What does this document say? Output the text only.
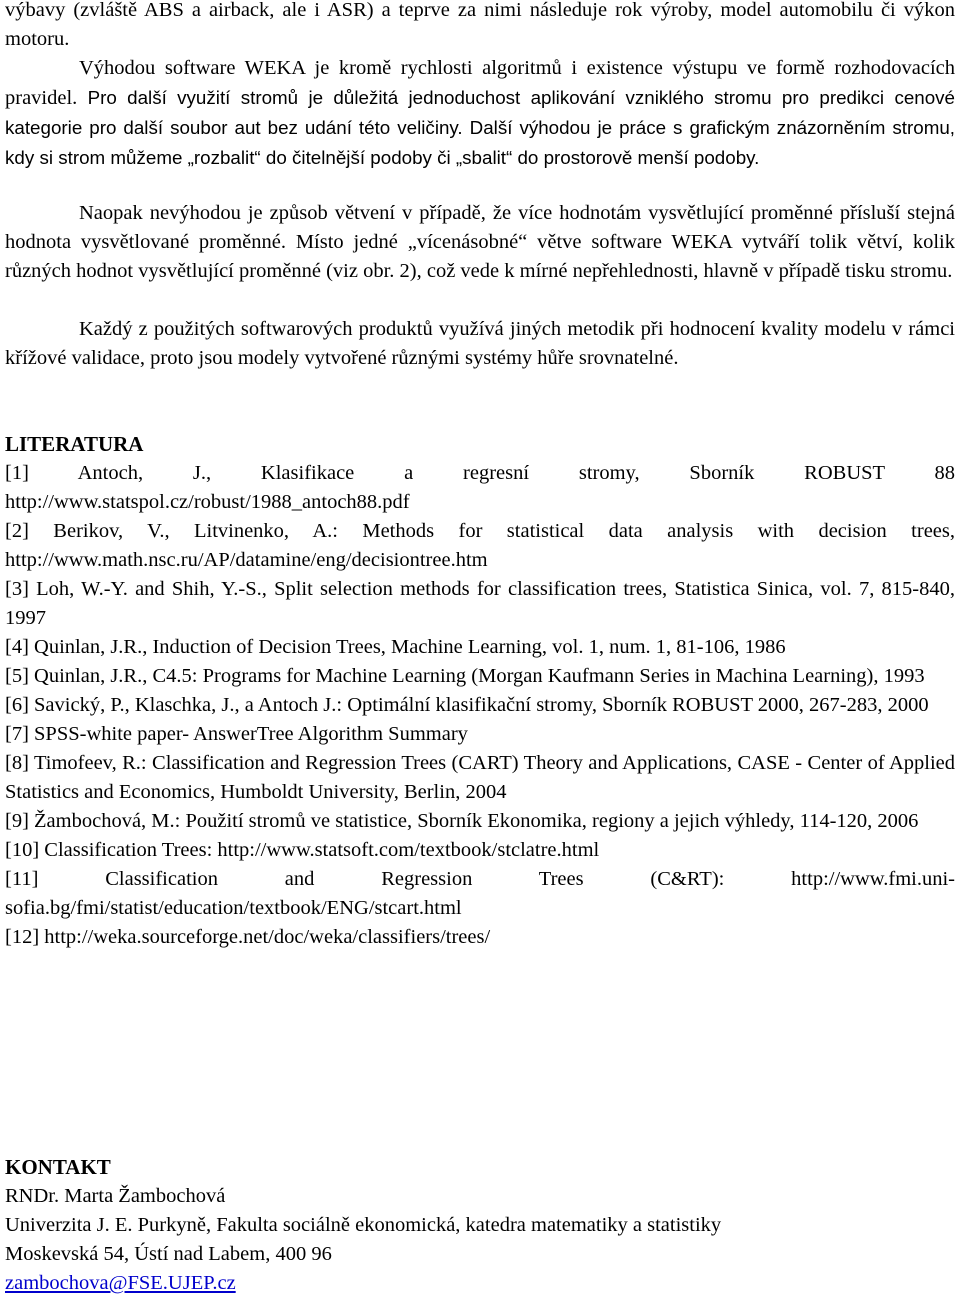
výbavy (zvláště ABS a airback, ale i ASR) a teprve za nimi následuje rok výroby, model automobilu či výkon motoru.

Výhodou software WEKA je kromě rychlosti algoritmů i existence výstupu ve formě rozhodovacích pravidel. Pro další využití stromů je důležitá jednoduchost aplikování vzniklého stromu pro predikci cenové kategorie pro další soubor aut bez udání této veličiny. Další výhodou je práce s grafickým znázorněním stromu, kdy si strom můžeme „rozbalit“ do čitelnější podoby či „sbalit“ do prostorově menší podoby.

Naopak nevýhodou je způsob větvení v případě, že více hodnotám vysvětlující proměnné přísluší stejná hodnota vysvětlované proměnné. Místo jedné „vícenásobné“ větve software WEKA vytváří tolik větví, kolik různých hodnot vysvětlující proměnné (viz obr. 2), což vede k mírné nepřehlednosti, hlavně v případě tisku stromu.

Každý z použitých softwarových produktů využívá jiných metodik při hodnocení kvality modelu v rámci křížové validace, proto jsou modely vytvořené různými systémy hůře srovnatelné.

LITERATURA

[1] Antoch, J., Klasifikace a regresní stromy, Sborník ROBUST 88 http://www.statspol.cz/robust/1988_antoch88.pdf

[2] Berikov, V., Litvinenko, A.: Methods for statistical data analysis with decision trees, http://www.math.nsc.ru/AP/datamine/eng/decisiontree.htm

[3] Loh, W.-Y. and Shih, Y.-S., Split selection methods for classification trees, Statistica Sinica, vol. 7, 815-840, 1997

[4] Quinlan, J.R., Induction of Decision Trees, Machine Learning, vol. 1, num. 1, 81-106, 1986

[5] Quinlan, J.R., C4.5: Programs for Machine Learning (Morgan Kaufmann Series in Machina Learning), 1993

[6] Savický, P., Klaschka, J., a Antoch J.: Optimální klasifikační stromy, Sborník ROBUST 2000, 267-283, 2000

[7] SPSS-white paper- AnswerTree Algorithm Summary

[8] Timofeev, R.: Classification and Regression Trees (CART) Theory and Applications, CASE - Center of Applied Statistics and Economics, Humboldt University, Berlin, 2004

[9] Žambochová, M.: Použití stromů ve statistice, Sborník Ekonomika, regiony a jejich výhledy, 114-120, 2006

[10] Classification Trees: http://www.statsoft.com/textbook/stclatre.html

[11] Classification and Regression Trees (C&RT): http://www.fmi.uni-sofia.bg/fmi/statist/education/textbook/ENG/stcart.html

[12] http://weka.sourceforge.net/doc/weka/classifiers/trees/

KONTAKT

RNDr. Marta Žambochová

Univerzita J. E. Purkyně, Fakulta sociálně ekonomická, katedra matematiky a statistiky

Moskevská 54, Ústí nad Labem, 400 96

zambochova@FSE.UJEP.cz
